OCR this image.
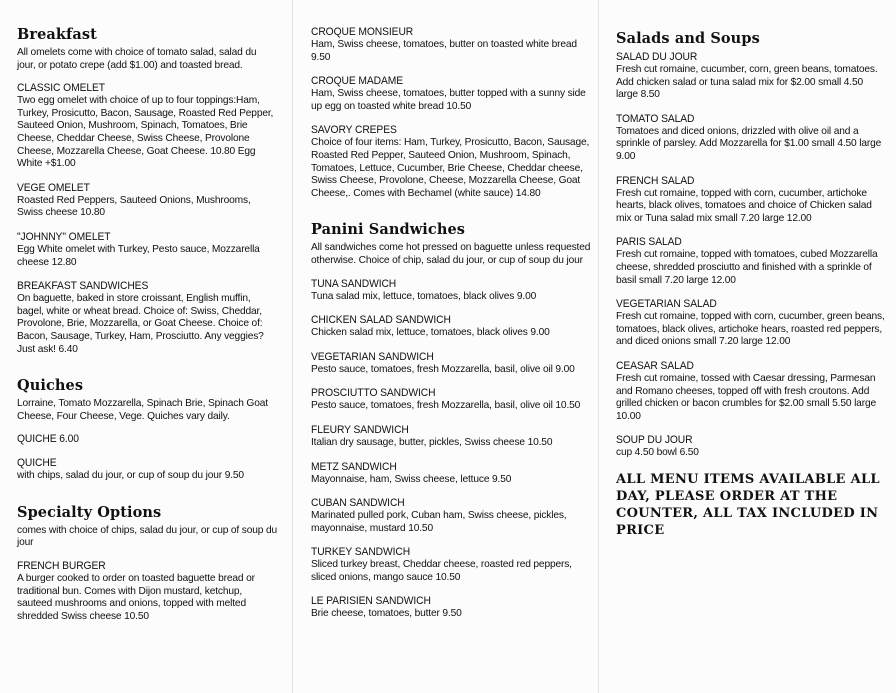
Breakfast
All omelets come with choice of tomato salad, salad du jour, or potato crepe (add $1.00) and toasted bread.
CLASSIC OMELET
Two egg omelet with choice of up to four toppings:Ham, Turkey, Prosicutto, Bacon, Sausage, Roasted Red Pepper, Sauteed Onion, Mushroom, Spinach, Tomatoes, Brie Cheese, Cheddar Cheese, Swiss Cheese, Provolone Cheese, Mozzarella Cheese, Goat Cheese. 10.80 Egg White +$1.00
VEGE OMELET
Roasted Red Peppers, Sauteed Onions, Mushrooms, Swiss cheese 10.80
"JOHNNY" OMELET
Egg White omelet with Turkey, Pesto sauce, Mozzarella cheese 12.80
BREAKFAST SANDWICHES
On baguette, baked in store croissant, English muffin, bagel, white or wheat bread. Choice of: Swiss, Cheddar, Provolone, Brie, Mozzarella, or Goat Cheese. Choice of: Bacon, Sausage, Turkey, Ham, Prosciutto. Any veggies? Just ask! 6.40
Quiches
Lorraine, Tomato Mozzarella, Spinach Brie, Spinach Goat Cheese, Four Cheese, Vege. Quiches vary daily.
QUICHE 6.00
QUICHE
with chips, salad du jour, or cup of soup du jour 9.50
Specialty Options
comes with choice of chips, salad du jour, or cup of soup du jour
FRENCH BURGER
A burger cooked to order on toasted baguette bread or traditional bun. Comes with Dijon mustard, ketchup, sauteed mushrooms and onions, topped with melted shredded Swiss cheese 10.50
CROQUE MONSIEUR
Ham, Swiss cheese, tomatoes, butter on toasted white bread 9.50
CROQUE MADAME
Ham, Swiss cheese, tomatoes, butter topped with a sunny side up egg on toasted white bread 10.50
SAVORY CREPES
Choice of four items: Ham, Turkey, Prosicutto, Bacon, Sausage, Roasted Red Pepper, Sauteed Onion, Mushroom, Spinach, Tomatoes, Lettuce, Cucumber, Brie Cheese, Cheddar cheese, Swiss Cheese, Provolone, Cheese, Mozzarella Cheese, Goat Cheese,. Comes with Bechamel (white sauce) 14.80
Panini Sandwiches
All sandwiches come hot pressed on baguette unless requested otherwise. Choice of chip, salad du jour, or cup of soup du jour
TUNA SANDWICH
Tuna salad mix, lettuce, tomatoes, black olives 9.00
CHICKEN SALAD SANDWICH
Chicken salad mix, lettuce, tomatoes, black olives 9.00
VEGETARIAN SANDWICH
Pesto sauce, tomatoes, fresh Mozzarella, basil, olive oil 9.00
PROSCIUTTO SANDWICH
Pesto sauce, tomatoes, fresh Mozzarella, basil, olive oil 10.50
FLEURY SANDWICH
Italian dry sausage, butter, pickles, Swiss cheese 10.50
METZ SANDWICH
Mayonnaise, ham, Swiss cheese, lettuce 9.50
CUBAN SANDWICH
Marinated pulled pork, Cuban ham, Swiss cheese, pickles, mayonnaise, mustard 10.50
TURKEY SANDWICH
Sliced turkey breast, Cheddar cheese, roasted red peppers, sliced onions, mango sauce 10.50
LE PARISIEN SANDWICH
Brie cheese, tomatoes, butter 9.50
Salads and Soups
SALAD DU JOUR
Fresh cut romaine, cucumber, corn, green beans, tomatoes. Add chicken salad or tuna salad mix for $2.00 small 4.50 large 8.50
TOMATO SALAD
Tomatoes and diced onions, drizzled with olive oil and a sprinkle of parsley. Add Mozzarella for $1.00 small 4.50 large 9.00
FRENCH SALAD
Fresh cut romaine, topped with corn, cucumber, artichoke hearts, black olives, tomatoes and choice of Chicken salad mix or Tuna salad mix small 7.20 large 12.00
PARIS SALAD
Fresh cut romaine, topped with tomatoes, cubed Mozzarella cheese, shredded prosciutto and finished with a sprinkle of basil small 7.20 large 12.00
VEGETARIAN SALAD
Fresh cut romaine, topped with corn, cucumber, green beans, tomatoes, black olives, artichoke hears, roasted red peppers, and diced onions small 7.20 large 12.00
CEASAR SALAD
Fresh cut romaine, tossed with Caesar dressing, Parmesan and Romano cheeses, topped off with fresh croutons. Add grilled chicken or bacon crumbles for $2.00 small 5.50 large 10.00
SOUP DU JOUR
cup 4.50 bowl 6.50
ALL MENU ITEMS AVAILABLE ALL DAY, PLEASE ORDER AT THE COUNTER, ALL TAX INCLUDED IN PRICE
